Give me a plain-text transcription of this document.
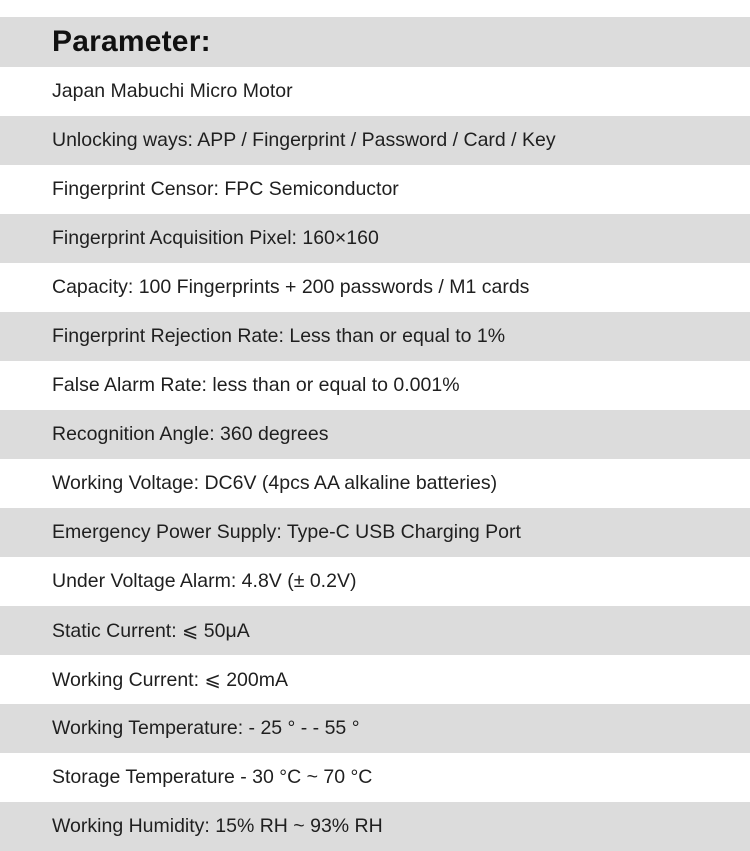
Parameter:
Japan Mabuchi Micro Motor
Unlocking ways: APP / Fingerprint / Password / Card / Key
Fingerprint Censor: FPC Semiconductor
Fingerprint Acquisition Pixel: 160×160
Capacity: 100 Fingerprints + 200 passwords / M1 cards
Fingerprint Rejection Rate: Less than or equal to 1%
False Alarm Rate: less than or equal to 0.001%
Recognition Angle: 360 degrees
Working Voltage: DC6V (4pcs AA alkaline batteries)
Emergency Power Supply: Type-C USB Charging Port
Under Voltage Alarm: 4.8V (± 0.2V)
Static Current: ⩽ 50μA
Working Current: ⩽ 200mA
Working Temperature: - 25 ° - - 55 °
Storage Temperature - 30 °C ~ 70 °C
Working Humidity: 15% RH ~ 93% RH
